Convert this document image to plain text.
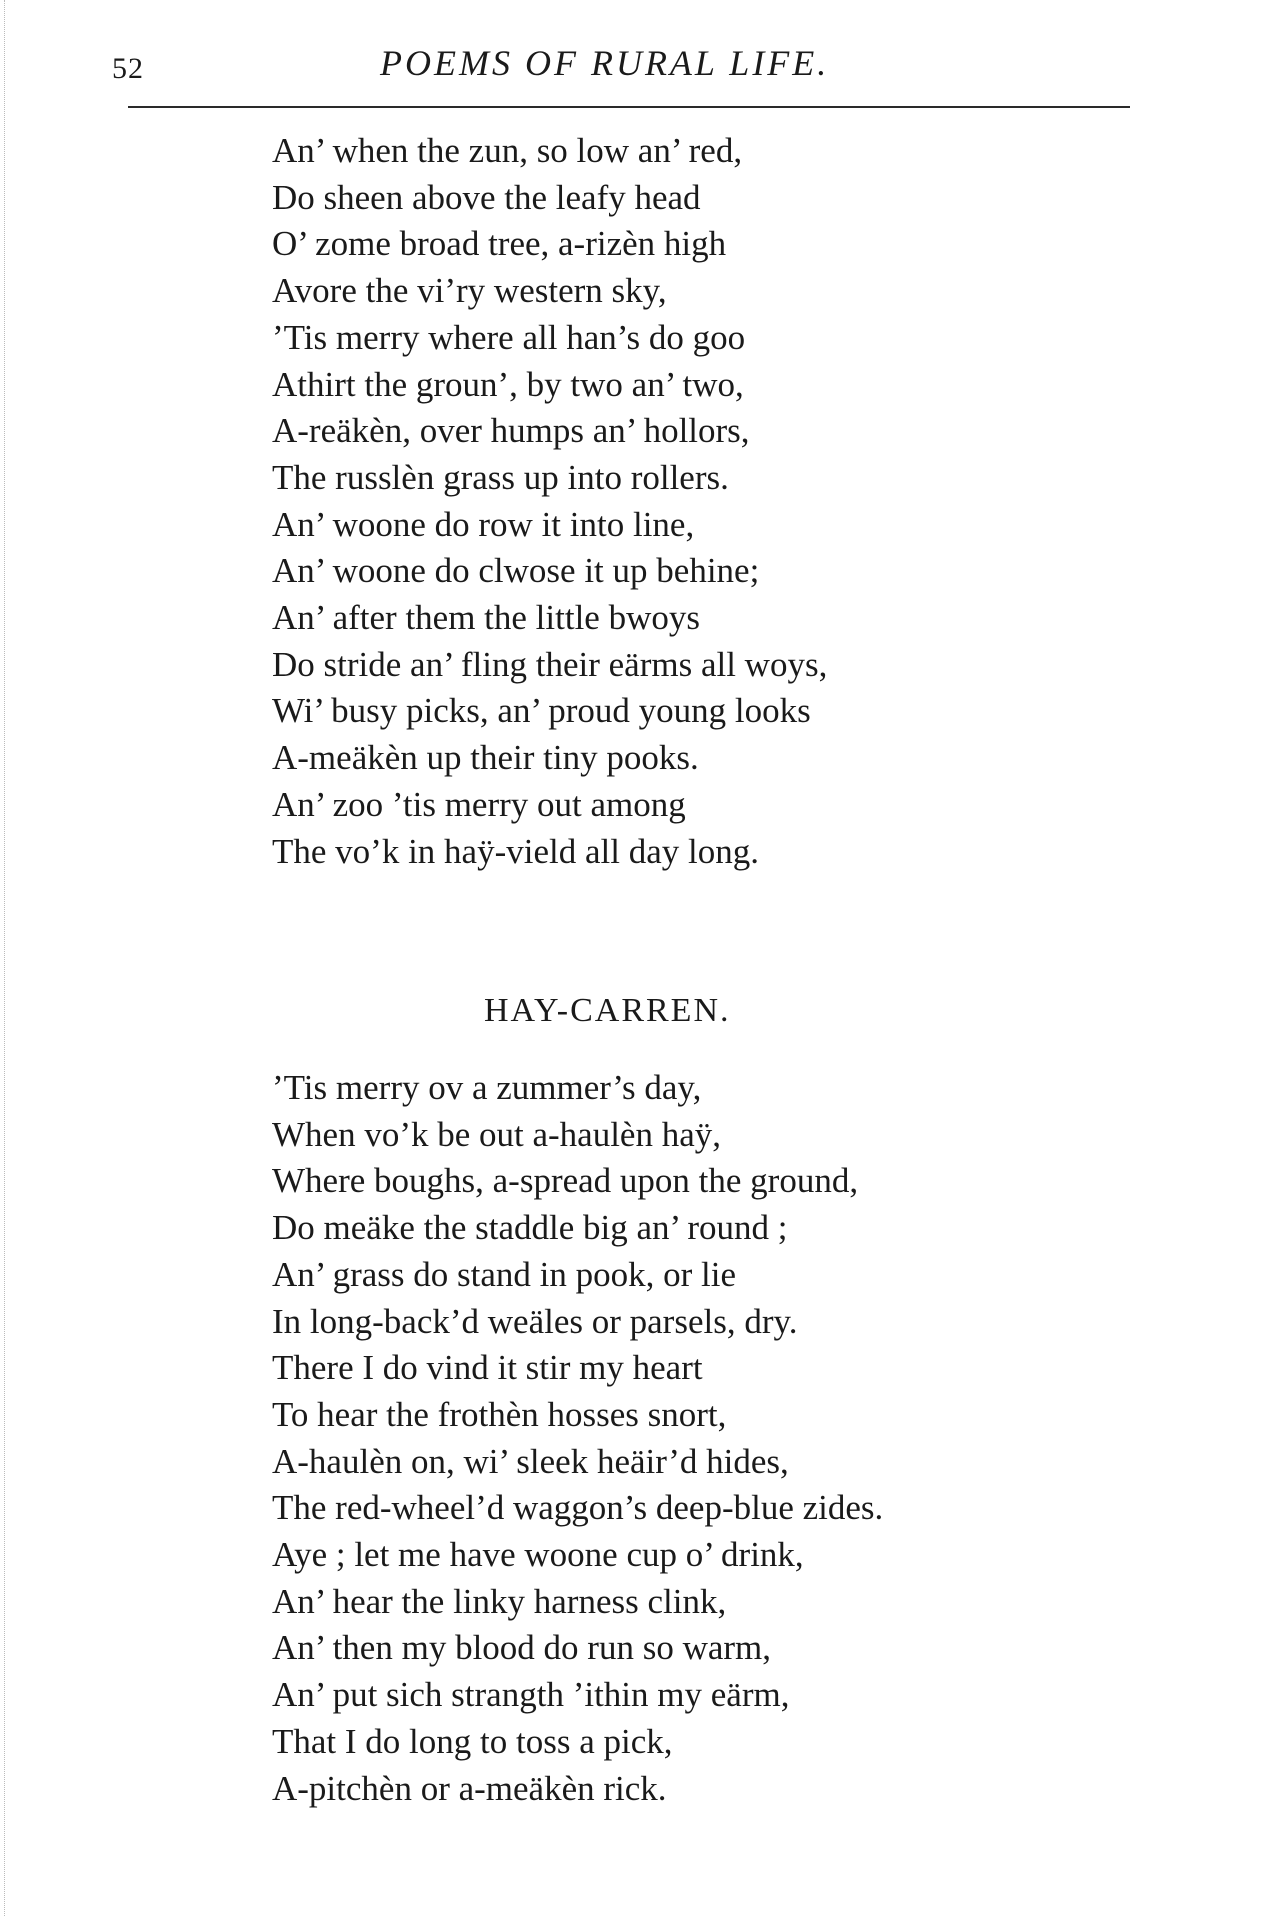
52	POEMS OF RURAL LIFE.
An’ when the zun, so low an’ red,
Do sheen above the leafy head
O’ zome broad tree, a-rizèn high
Avore the vi’ry western sky,
’Tis merry where all han’s do goo
Athirt the groun’, by two an’ two,
A-reäkèn, over humps an’ hollors,
The russlèn grass up into rollers.
An’ woone do row it into line,
An’ woone do clwose it up behine;
An’ after them the little bwoys
Do stride an’ fling their eärms all woys,
Wi’ busy picks, an’ proud young looks
A-meäkèn up their tiny pooks.
An’ zoo ’tis merry out among
The vo’k in haÿ-vield all day long.
HAY-CARREN.
’Tis merry ov a zummer’s day,
When vo’k be out a-haulèn haÿ,
Where boughs, a-spread upon the ground,
Do meäke the staddle big an’ round ;
An’ grass do stand in pook, or lie
In long-back’d weäles or parsels, dry.
There I do vind it stir my heart
To hear the frothèn hosses snort,
A-haulèn on, wi’ sleek heäir’d hides,
The red-wheel’d waggon’s deep-blue zides.
Aye ; let me have woone cup o’ drink,
An’ hear the linky harness clink,
An’ then my blood do run so warm,
An’ put sich strangth ’ithin my eärm,
That I do long to toss a pick,
A-pitchèn or a-meäkèn rick.
